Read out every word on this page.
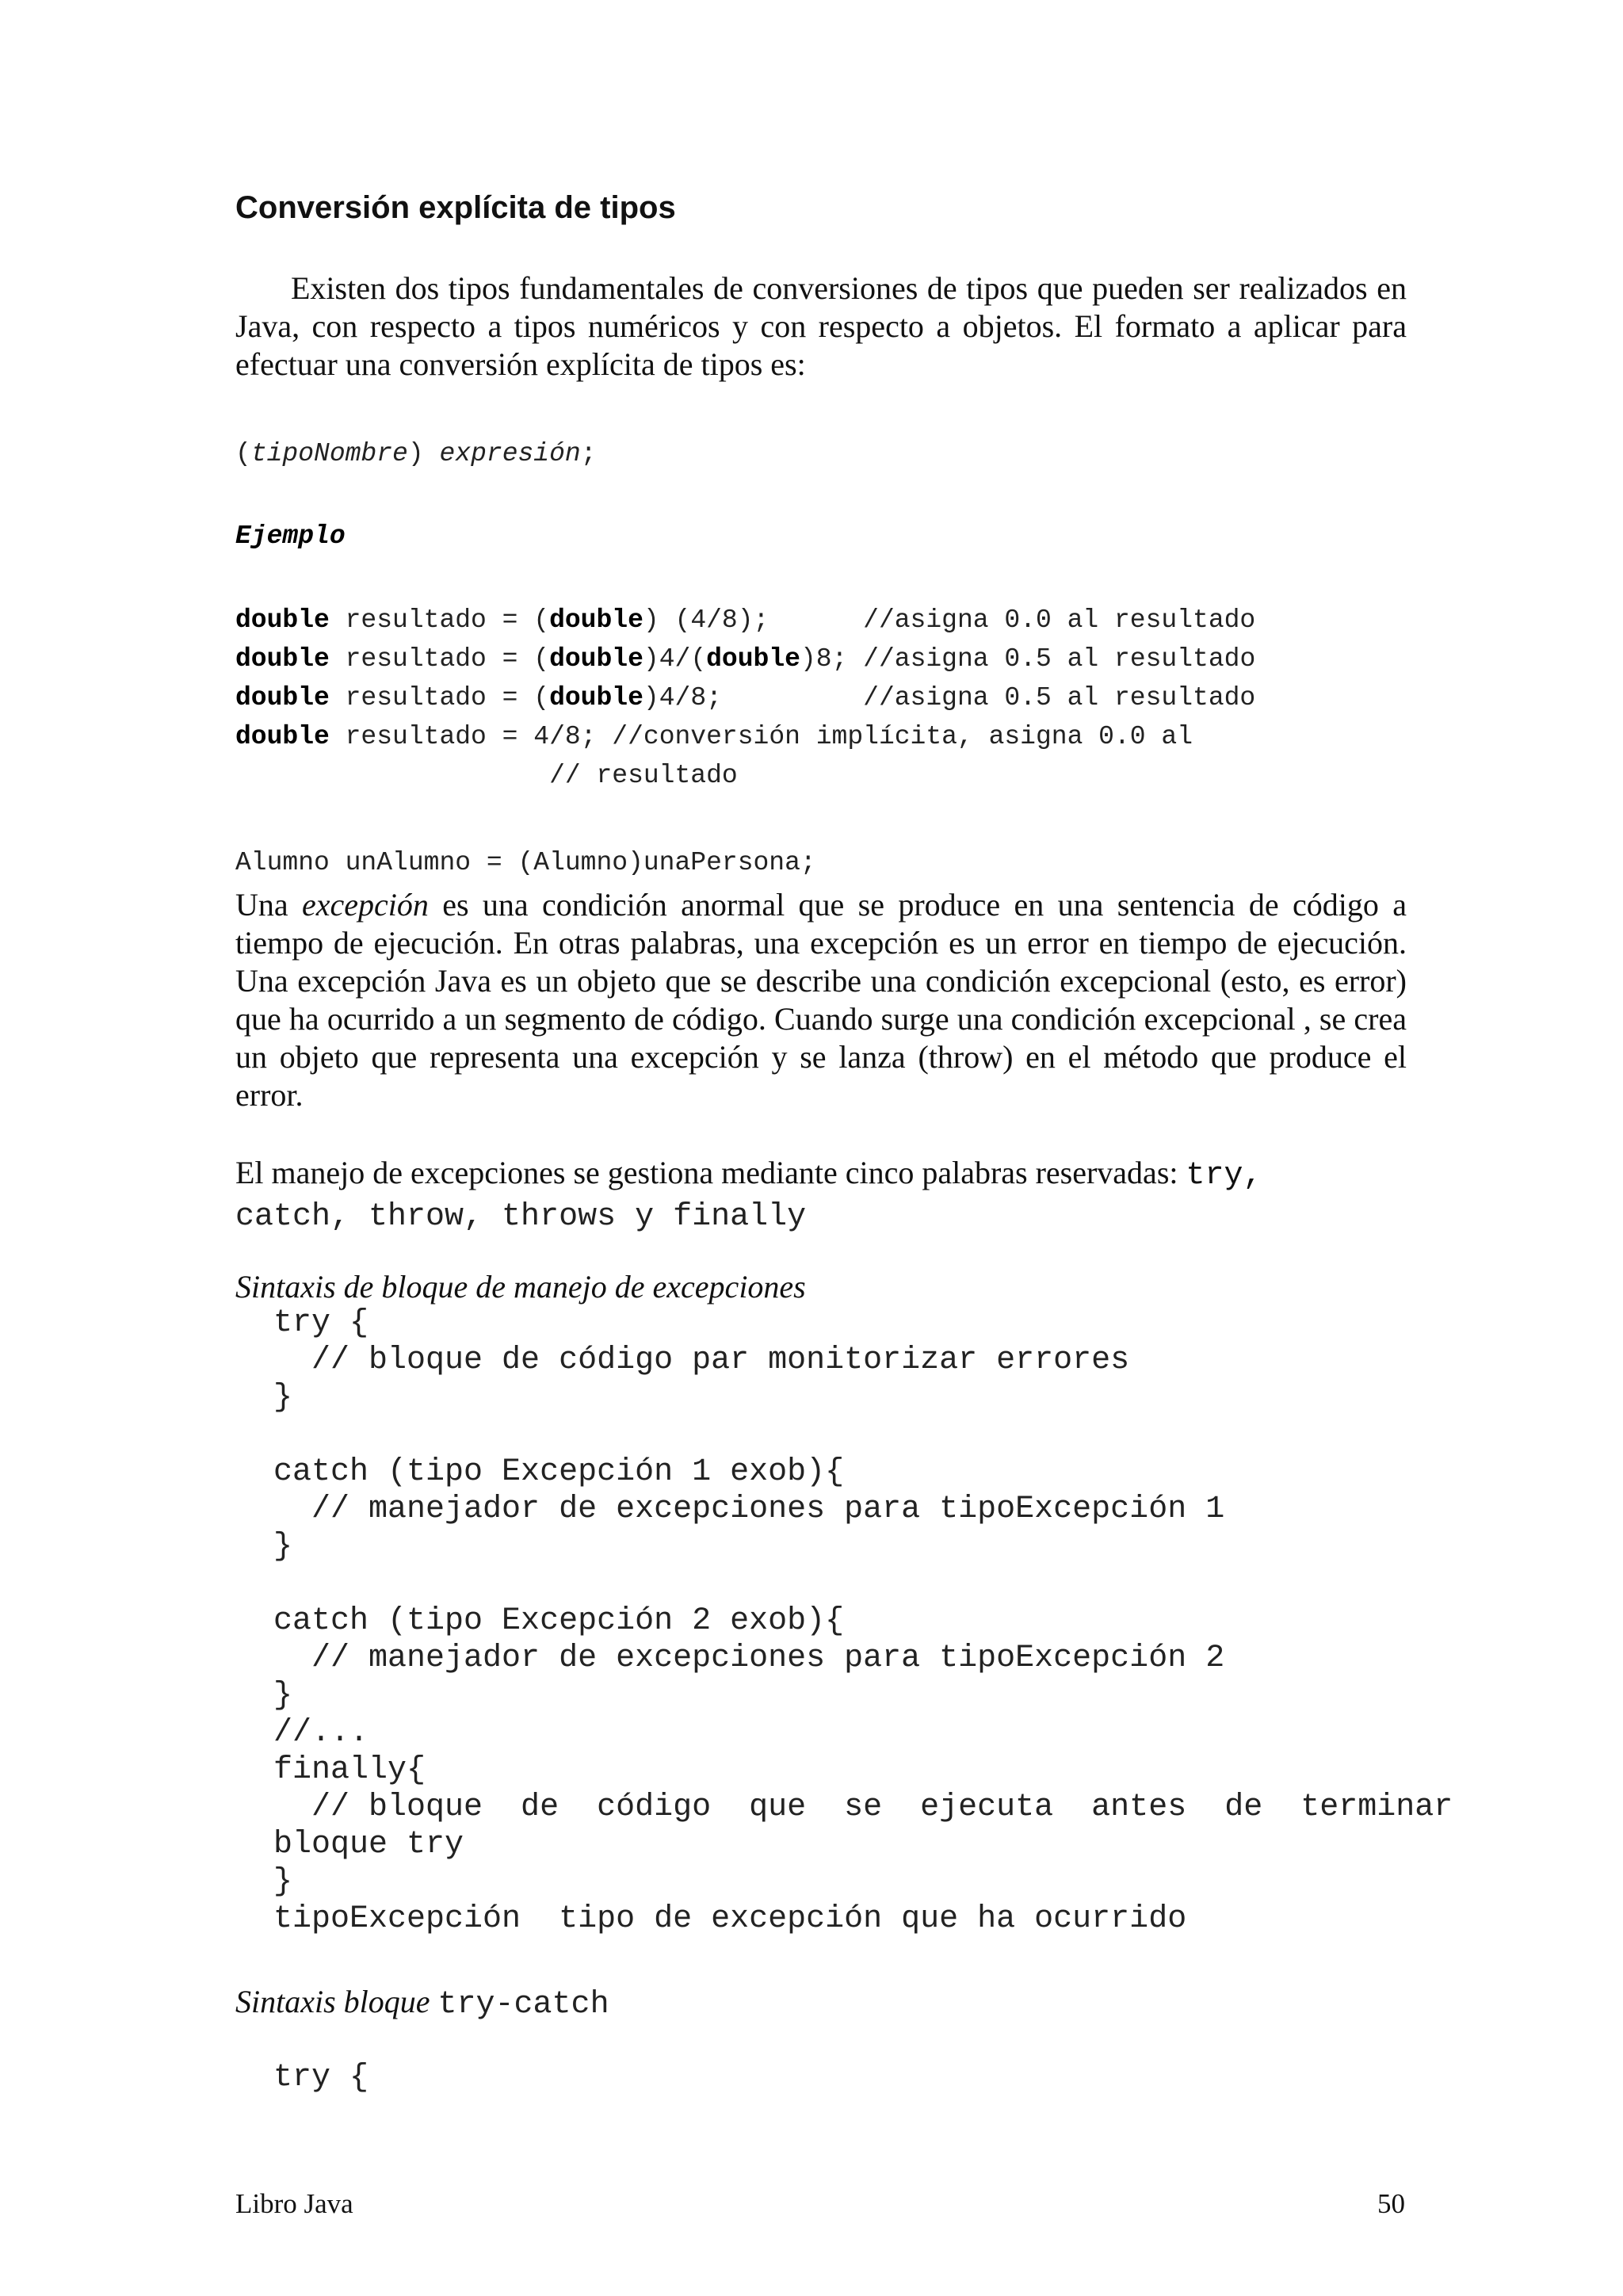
Conversión explícita de tipos
Existen dos tipos fundamentales de conversiones de tipos que pueden ser realizados en Java, con respecto a tipos numéricos y con respecto a objetos. El formato a aplicar para efectuar una conversión explícita de tipos es:
(tipoNombre) expresión;
Ejemplo
double resultado = (double) (4/8);      //asigna 0.0 al resultado
double resultado = (double)4/(double)8; //asigna 0.5 al resultado
double resultado = (double)4/8;         //asigna 0.5 al resultado
double resultado = 4/8; //conversión implícita, asigna 0.0 al
// resultado
Alumno unAlumno = (Alumno)unaPersona;
Una excepción es una condición anormal que se produce en una sentencia de código a tiempo de ejecución. En otras palabras, una excepción es un error en tiempo de ejecución. Una excepción Java es un objeto que se describe una condición excepcional (esto, es error) que ha ocurrido a un segmento de código. Cuando surge una condición excepcional , se crea un objeto que representa una excepción y se lanza (throw) en el método que produce el error.
El manejo de excepciones se gestiona mediante cinco palabras reservadas: try,
catch, throw, throws y finally
Sintaxis de bloque de manejo de excepciones
try {
// bloque de código par monitorizar errores
}

catch (tipo Excepción 1 exob){
// manejador de excepciones para tipoExcepción 1
}

catch (tipo Excepción 2 exob){
// manejador de excepciones para tipoExcepción 2
}
//...
finally{
// bloque  de  código  que  se  ejecuta  antes  de  terminar
bloque try
}
tipoExcepción  tipo de excepción que ha ocurrido
Sintaxis bloque try-catch
try {
Libro Java	50
